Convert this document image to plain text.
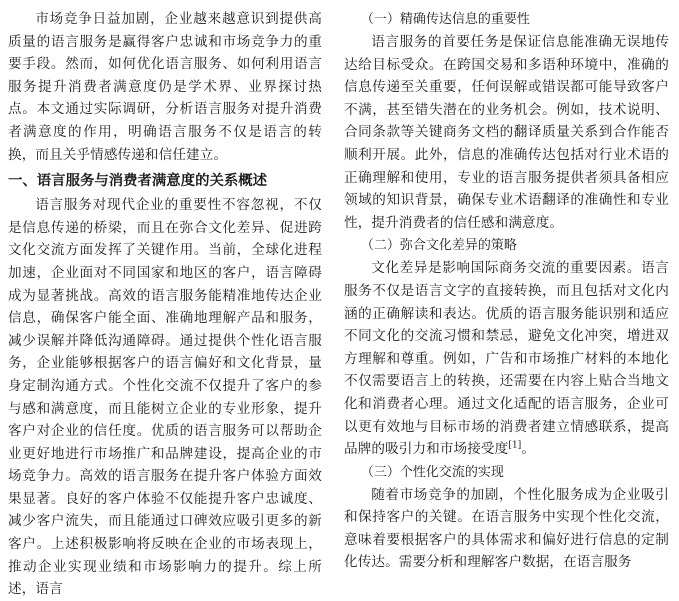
市场竞争日益加剧，企业越来越意识到提供高质量的语言服务是赢得客户忠诚和市场竞争力的重要手段。然而，如何优化语言服务、如何利用语言服务提升消费者满意度仍是学术界、业界探讨热点。本文通过实际调研，分析语言服务对提升消费者满意度的作用，明确语言服务不仅是语言的转换，而且关乎情感传递和信任建立。

一、语言服务与消费者满意度的关系概述

语言服务对现代企业的重要性不容忽视，不仅是信息传递的桥梁，而且在弥合文化差异、促进跨文化交流方面发挥了关键作用。当前，全球化进程加速，企业面对不同国家和地区的客户，语言障碍成为显著挑战。高效的语言服务能精准地传达企业信息，确保客户能全面、准确地理解产品和服务，减少误解并降低沟通障碍。通过提供个性化语言服务，企业能够根据客户的语言偏好和文化背景，量身定制沟通方式。个性化交流不仅提升了客户的参与感和满意度，而且能树立企业的专业形象，提升客户对企业的信任度。优质的语言服务可以帮助企业更好地进行市场推广和品牌建设，提高企业的市场竞争力。高效的语言服务在提升客户体验方面效果显著。良好的客户体验不仅能提升客户忠诚度、减少客户流失，而且能通过口碑效应吸引更多的新客户。上述积极影响将反映在企业的市场表现上，推动企业实现业绩和市场影响力的提升。综上所述，语言

（一）精确传达信息的重要性

语言服务的首要任务是保证信息能准确无误地传达给目标受众。在跨国交易和多语种环境中，准确的信息传递至关重要，任何误解或错误都可能导致客户不满，甚至错失潜在的业务机会。例如，技术说明、合同条款等关键商务文档的翻译质量关系到合作能否顺利开展。此外，信息的准确传达包括对行业术语的正确理解和使用，专业的语言服务提供者须具备相应领域的知识背景，确保专业术语翻译的准确性和专业性，提升消费者的信任感和满意度。

（二）弥合文化差异的策略

文化差异是影响国际商务交流的重要因素。语言服务不仅是语言文字的直接转换，而且包括对文化内涵的正确解读和表达。优质的语言服务能识别和适应不同文化的交流习惯和禁忌，避免文化冲突，增进双方理解和尊重。例如，广告和市场推广材料的本地化不仅需要语言上的转换，还需要在内容上贴合当地文化和消费者心理。通过文化适配的语言服务，企业可以更有效地与目标市场的消费者建立情感联系，提高品牌的吸引力和市场接受度[1]。

（三）个性化交流的实现

随着市场竞争的加剧，个性化服务成为企业吸引和保持客户的关键。在语言服务中实现个性化交流，意味着要根据客户的具体需求和偏好进行信息的定制化传达。需要分析和理解客户数据，在语言服务
